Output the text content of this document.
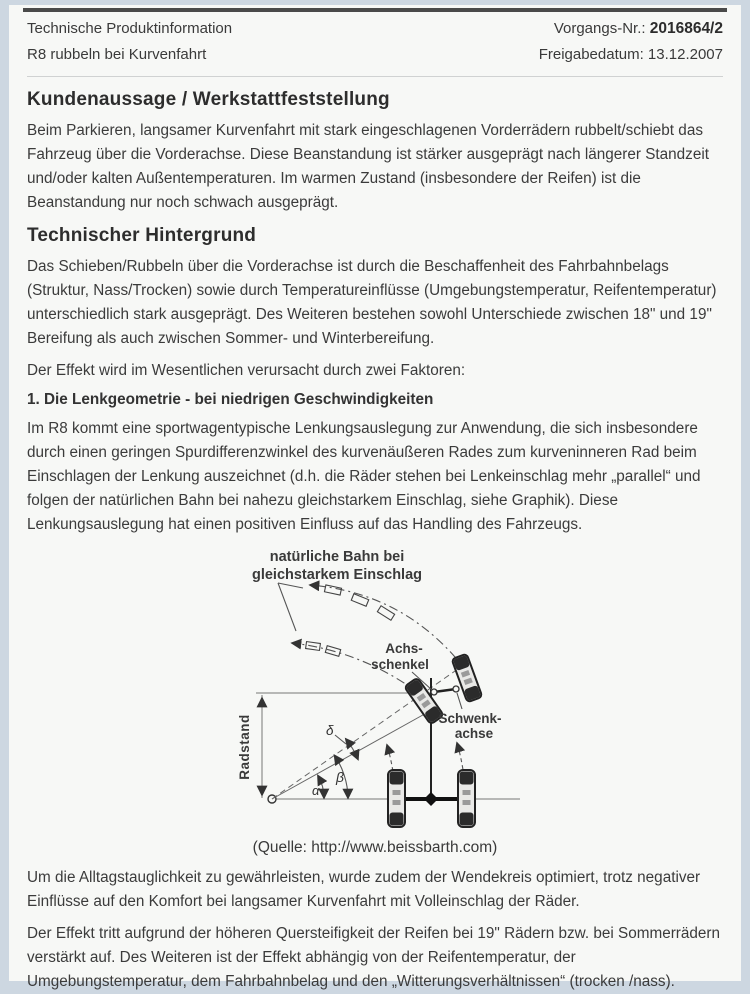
Technische Produktinformation
R8 rubbeln bei Kurvenfahrt
Vorgangs-Nr.: 2016864/2
Freigabedatum: 13.12.2007
Kundenaussage / Werkstattfeststellung

Beim Parkieren, langsamer Kurvenfahrt mit stark eingeschlagenen Vorderrädern rubbelt/schiebt das Fahrzeug über die Vorderachse. Diese Beanstandung ist stärker ausgeprägt nach längerer Standzeit und/oder kalten Außentemperaturen. Im warmen Zustand (insbesondere der Reifen) ist die Beanstandung nur noch schwach ausgeprägt.

Technischer Hintergrund

Das Schieben/Rubbeln über die Vorderachse ist durch die Beschaffenheit des Fahrbahnbelags (Struktur, Nass/Trocken) sowie durch Temperatureinflüsse (Umgebungstemperatur, Reifentemperatur) unterschiedlich stark ausgeprägt. Des Weiteren bestehen sowohl Unterschiede zwischen 18" und 19" Bereifung als auch zwischen Sommer- und Winterbereifung.

Der Effekt wird im Wesentlichen verursacht durch zwei Faktoren:

1. Die Lenkgeometrie - bei niedrigen Geschwindigkeiten

Im R8 kommt eine sportwagentypische Lenkungsauslegung zur Anwendung, die sich insbesondere durch einen geringen Spurdifferenzwinkel des kurvenäußeren Rades zum kurveninneren Rad beim Einschlagen der Lenkung auszeichnet (d.h. die Räder stehen bei Lenkeinschlag mehr „parallel“ und folgen der natürlichen Bahn bei nahezu gleichstarkem Einschlag, siehe Graphik). Diese Lenkungsauslegung hat einen positiven Einfluss auf das Handling des Fahrzeugs.

natürliche Bahn bei
gleichstarkem Einschlag
Radstand
α
β
δ
Achs-
schenkel
Schwenk-
achse

(Quelle: http://www.beissbarth.com)

Um die Alltagstauglichkeit zu gewährleisten, wurde zudem der Wendekreis optimiert, trotz negativer Einflüsse auf den Komfort bei langsamer Kurvenfahrt mit Volleinschlag der Räder.

Der Effekt tritt aufgrund der höheren Quersteifigkeit der Reifen bei 19" Rädern bzw. bei Sommerrädern verstärkt auf. Des Weiteren ist der Effekt abhängig von der Reifentemperatur, der Umgebungstemperatur, dem Fahrbahnbelag und den „Witterungsverhältnissen“ (trocken /nass).
